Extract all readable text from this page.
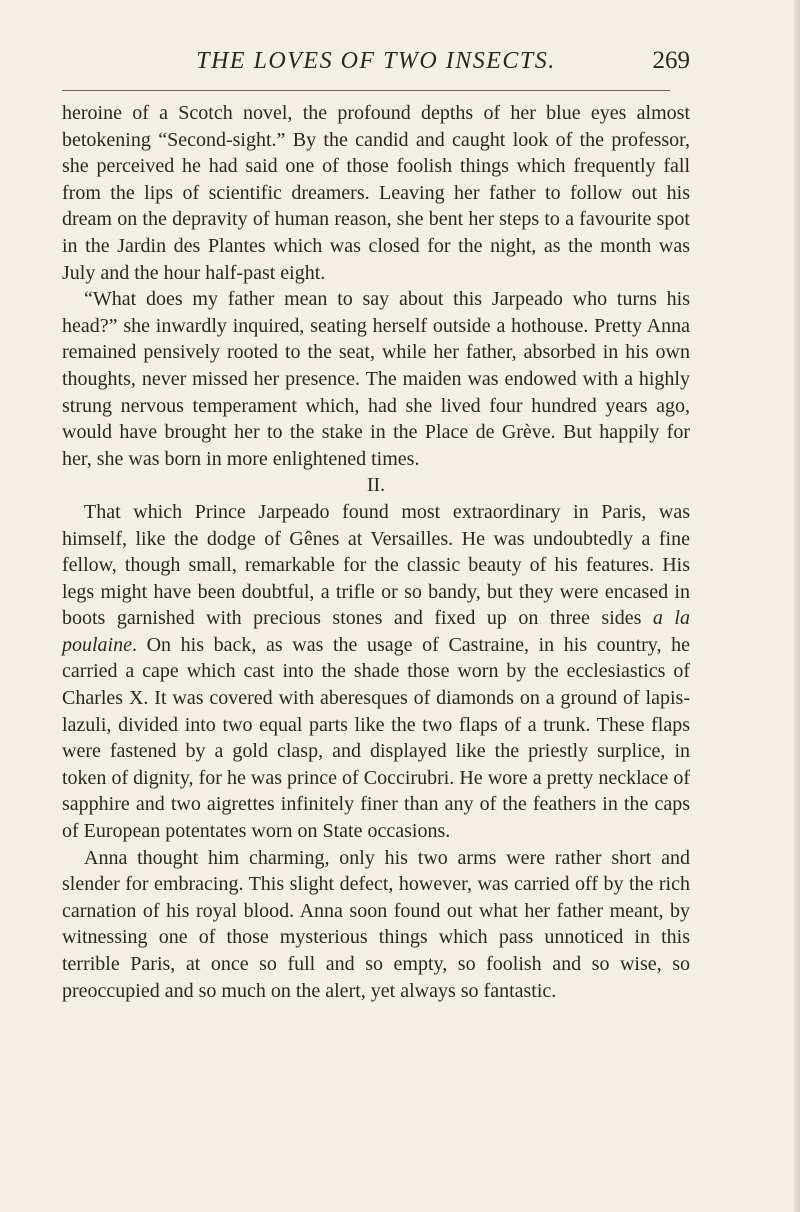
THE LOVES OF TWO INSECTS.	269

heroine of a Scotch novel, the profound depths of her blue eyes almost betokening “Second-sight.” By the candid and caught look of the professor, she perceived he had said one of those foolish things which frequently fall from the lips of scientific dreamers. Leaving her father to follow out his dream on the depravity of human reason, she bent her steps to a favourite spot in the Jardin des Plantes which was closed for the night, as the month was July and the hour half-past eight.

“What does my father mean to say about this Jarpeado who turns his head?” she inwardly inquired, seating herself outside a hothouse. Pretty Anna remained pensively rooted to the seat, while her father, absorbed in his own thoughts, never missed her presence. The maiden was endowed with a highly strung nervous temperament which, had she lived four hundred years ago, would have brought her to the stake in the Place de Grève. But happily for her, she was born in more enlightened times.

II.

That which Prince Jarpeado found most extraordinary in Paris, was himself, like the dodge of Gênes at Versailles. He was undoubtedly a fine fellow, though small, remarkable for the classic beauty of his features. His legs might have been doubtful, a trifle or so bandy, but they were encased in boots garnished with precious stones and fixed up on three sides a la poulaine. On his back, as was the usage of Castraine, in his country, he carried a cape which cast into the shade those worn by the ecclesiastics of Charles X. It was covered with aberesques of diamonds on a ground of lapis-lazuli, divided into two equal parts like the two flaps of a trunk. These flaps were fastened by a gold clasp, and displayed like the priestly surplice, in token of dignity, for he was prince of Coccirubri. He wore a pretty necklace of sapphire and two aigrettes infinitely finer than any of the feathers in the caps of European potentates worn on State occasions.

Anna thought him charming, only his two arms were rather short and slender for embracing. This slight defect, however, was carried off by the rich carnation of his royal blood. Anna soon found out what her father meant, by witnessing one of those mysterious things which pass unnoticed in this terrible Paris, at once so full and so empty, so foolish and so wise, so preoccupied and so much on the alert, yet always so fantastic.
